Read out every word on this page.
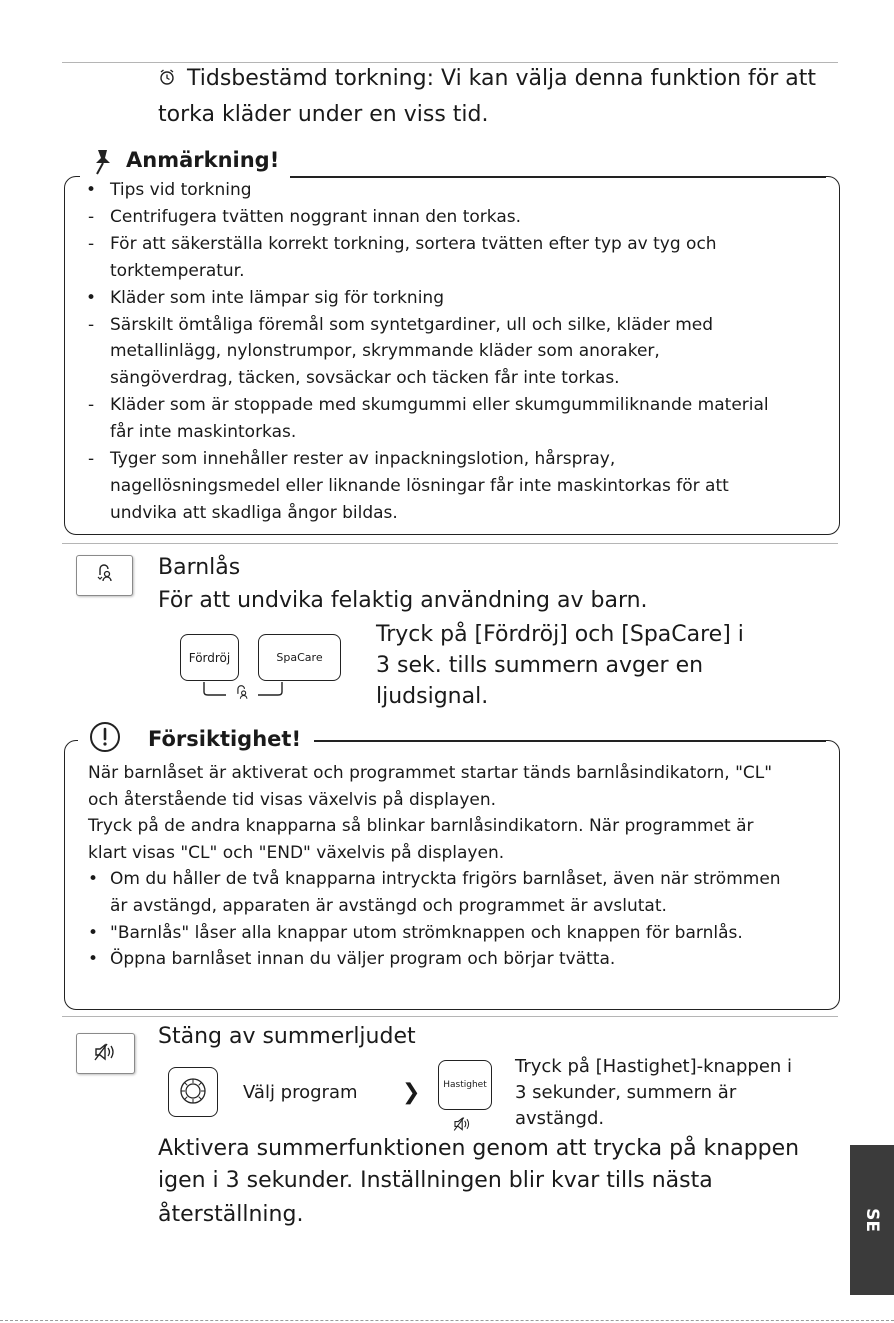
Tidsbestämd torkning: Vi kan välja denna funktion för att
torka kläder under en viss tid.
Anmärkning!
• Tips vid torkning
- Centrifugera tvätten noggrant innan den torkas.
- För att säkerställa korrekt torkning, sortera tvätten efter typ av tyg och
torktemperatur.
• Kläder som inte lämpar sig för torkning
- Särskilt ömtåliga föremål som syntetgardiner, ull och silke, kläder med
metallinlägg, nylonstrumpor, skrymmande kläder som anoraker,
sängöverdrag, täcken, sovsäckar och täcken får inte torkas.
- Kläder som är stoppade med skumgummi eller skumgummiliknande material
får inte maskintorkas.
- Tyger som innehåller rester av inpackningslotion, hårspray,
nagellösningsmedel eller liknande lösningar får inte maskintorkas för att
undvika att skadliga ångor bildas.
Barnlås
För att undvika felaktig användning av barn.
Fördröj	SpaCare
Tryck på [Fördröj] och [SpaCare] i
3 sek. tills summern avger en
ljudsignal.
Försiktighet!
När barnlåset är aktiverat och programmet startar tänds barnlåsindikatorn, "CL"
och återstående tid visas växelvis på displayen.
Tryck på de andra knapparna så blinkar barnlåsindikatorn. När programmet är
klart visas "CL" och "END" växelvis på displayen.
• Om du håller de två knapparna intryckta frigörs barnlåset, även när strömmen
är avstängd, apparaten är avstängd och programmet är avslutat.
• "Barnlås" låser alla knappar utom strömknappen och knappen för barnlås.
• Öppna barnlåset innan du väljer program och börjar tvätta.
Stäng av summerljudet
Välj program ❯	Hastighet
Tryck på [Hastighet]-knappen i
3 sekunder, summern är
avstängd.
Aktivera summerfunktionen genom att trycka på knappen
igen i 3 sekunder. Inställningen blir kvar tills nästa
återställning.	SE
